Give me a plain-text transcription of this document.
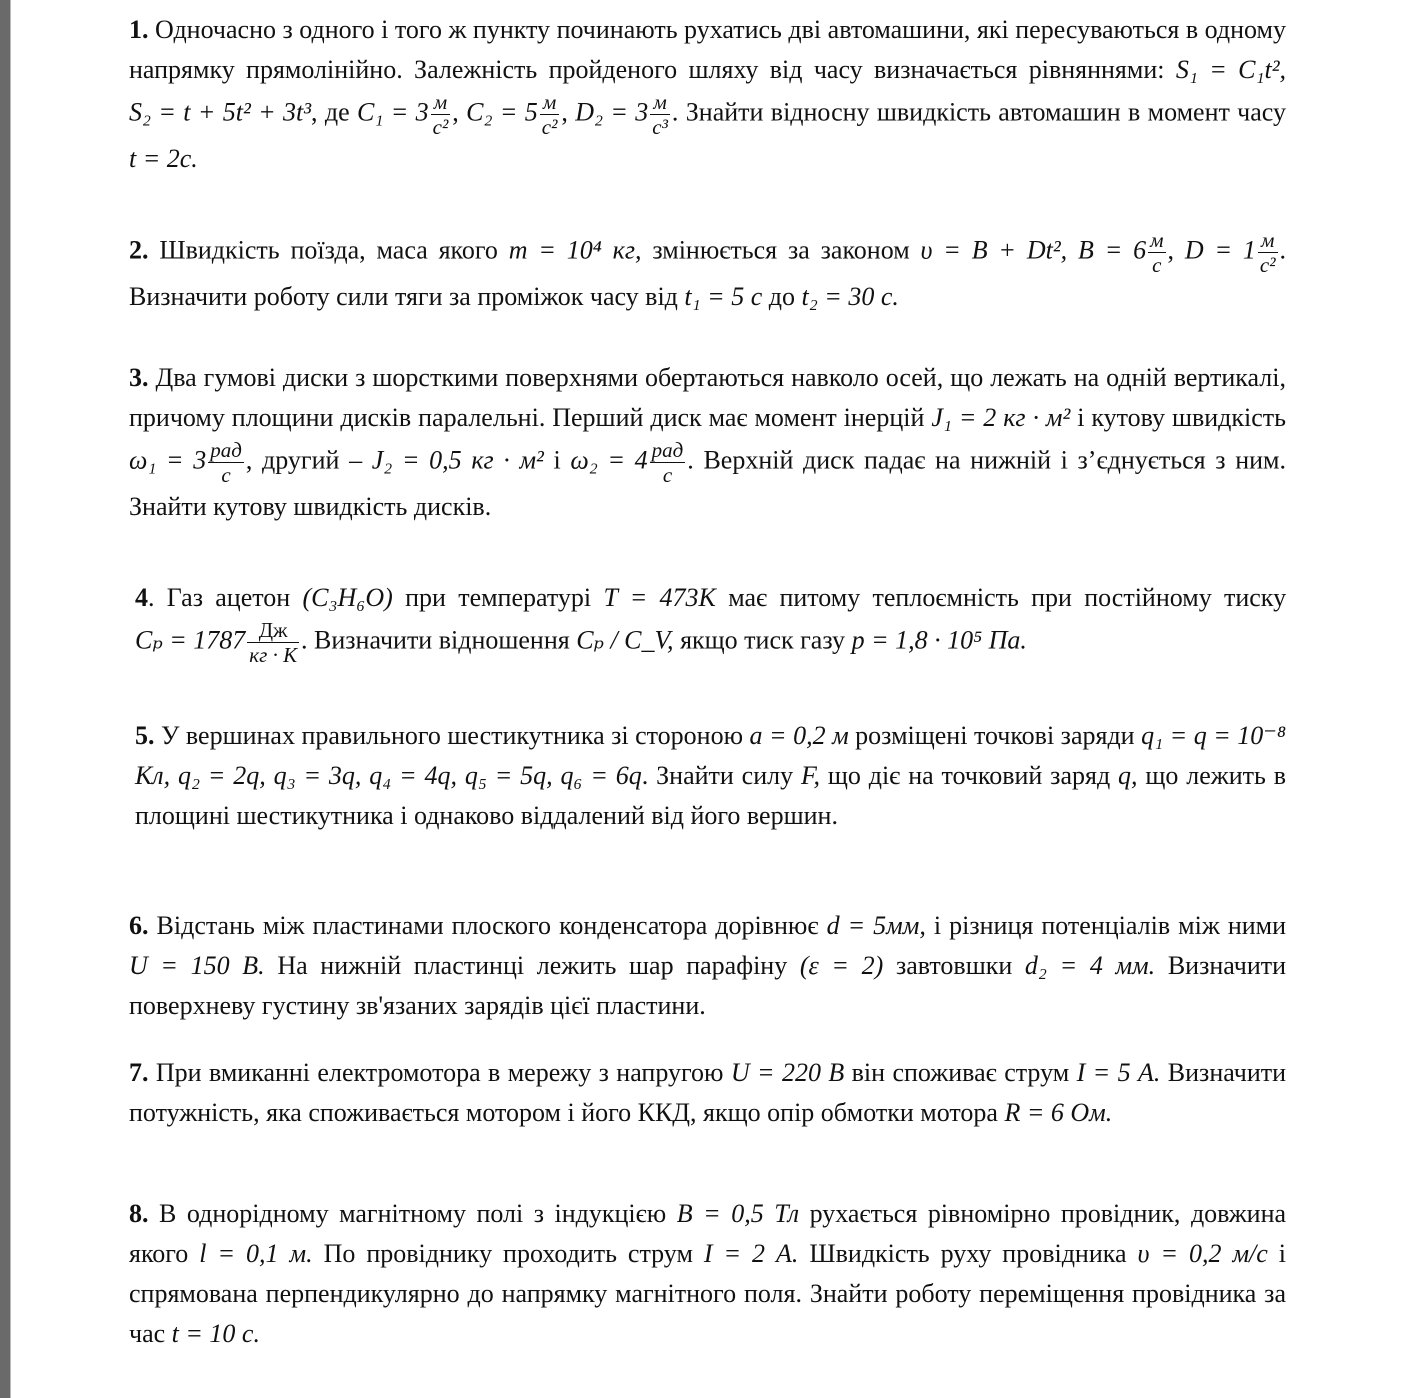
1. Одночасно з одного і того ж пункту починають рухатись дві автомашини, які пересуваються в одному напрямку прямолінійно. Залежність пройденого шляху від часу визначається рівняннями: S₁ = C₁t², S₂ = t + 5t² + 3t³, де $C_1 = 3 \frac{м}{\text{с²}}$ , $C_2 = 5 \frac{м}{\text{с²}}$ , $D_2 = 3 \frac{м}{\text{с³}}$ . Знайти відносну швидкість автомашин в момент часу t = 2с.

2. Швидкість поїзда, маса якого m = 10⁴ кг, змінюється за законом υ = B + Dt², $B = 6 \frac{м}{с}$ , $D = 1 \frac{м}{\text{с²}}$ . Визначити роботу сили тяги за проміжок часу від t₁ = 5 с до t₂ = 30 с.

3. Два гумові диски з шорсткими поверхнями обертаються навколо осей, що лежать на одній вертикалі, причому площини дисків паралельні. Перший диск має момент інерцій J₁ = 2 кг · м² і кутову швидкість $\omega_1 = 3 \frac{\text{рад}}{с}$ , другий – J₂ = 0,5 кг · м² і $\omega_2 = 4 \frac{\text{рад}}{с}$ . Верхній диск падає на нижній і з’єднується з ним. Знайти кутову швидкість дисків.

4. Газ ацетон (C₃H₆O) при температурі T = 473K має питому теплоємність при постійному тиску $C_p = 1787 \frac{Дж}{кг \cdot К}$ . Визначити відношення Cₚ / C_V, якщо тиск газу p = 1,8 · 10⁵ Па.

5. У вершинах правильного шестикутника зі стороною a = 0,2 м розміщені точкові заряди q₁ = q = 10⁻⁸ Кл, q₂ = 2q, q₃ = 3q, q₄ = 4q, q₅ = 5q, q₆ = 6q. Знайти силу F, що діє на точковий заряд q, що лежить в площині шестикутника і однаково віддалений від його вершин.

6. Відстань між пластинами плоского конденсатора дорівнює d = 5мм, і різниця потенціалів між ними U = 150 В. На нижній пластинці лежить шар парафіну (ε = 2) завтовшки d₂ = 4 мм. Визначити поверхневу густину зв'язаних зарядів цієї пластини.

7. При вмиканні електромотора в мережу з напругою U = 220 В він споживає струм I = 5 А. Визначити потужність, яка споживається мотором і його ККД, якщо опір обмотки мотора R = 6 Ом.

8. В однорідному магнітному полі з індукцією B = 0,5 Тл рухається рівномірно провідник, довжина якого l = 0,1 м. По провіднику проходить струм I = 2 А. Швидкість руху провідника υ = 0,2 м/с і спрямована перпендикулярно до напрямку магнітного поля. Знайти роботу переміщення провідника за час t = 10 с.
